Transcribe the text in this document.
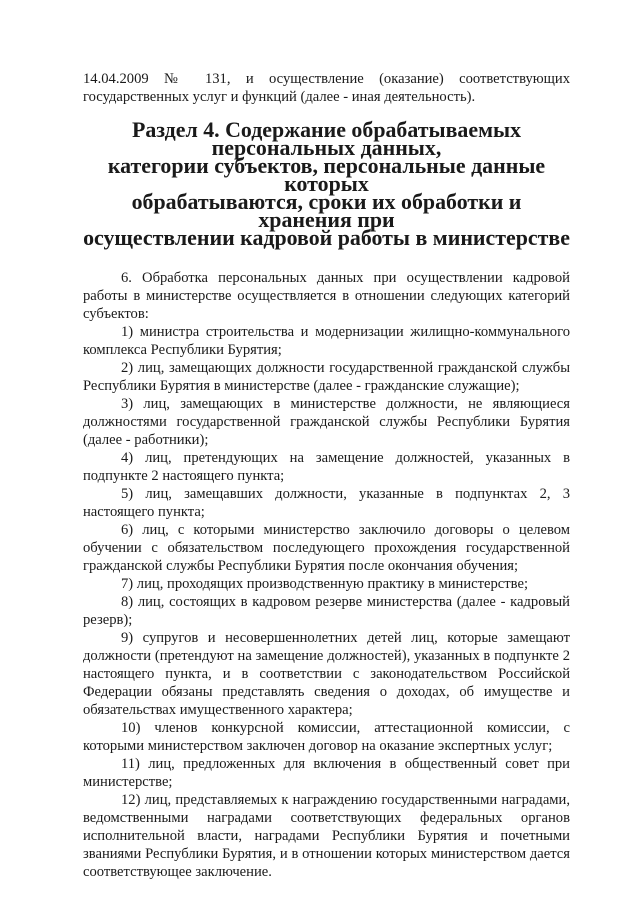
14.04.2009 № 131, и осуществление (оказание) соответствующих государственных услуг и функций (далее - иная деятельность).

Раздел 4. Содержание обрабатываемых персональных данных,
категории субъектов, персональные данные которых
обрабатываются, сроки их обработки и хранения при
осуществлении кадровой работы в министерстве

6. Обработка персональных данных при осуществлении кадровой работы в министерстве осуществляется в отношении следующих категорий субъектов:

1) министра строительства и модернизации жилищно-коммунального комплекса Республики Бурятия;

2) лиц, замещающих должности государственной гражданской службы Республики Бурятия в министерстве (далее - гражданские служащие);

3) лиц, замещающих в министерстве должности, не являющиеся должностями государственной гражданской службы Республики Бурятия (далее - работники);

4) лиц, претендующих на замещение должностей, указанных в подпункте 2 настоящего пункта;

5) лиц, замещавших должности, указанные в подпунктах 2, 3 настоящего пункта;

6) лиц, с которыми министерство заключило договоры о целевом обучении с обязательством последующего прохождения государственной гражданской службы Республики Бурятия после окончания обучения;

7) лиц, проходящих производственную практику в министерстве;

8) лиц, состоящих в кадровом резерве министерства (далее - кадровый резерв);

9) супругов и несовершеннолетних детей лиц, которые замещают должности (претендуют на замещение должностей), указанных в подпункте 2 настоящего пункта, и в соответствии с законодательством Российской Федерации обязаны представлять сведения о доходах, об имуществе и обязательствах имущественного характера;

10) членов конкурсной комиссии, аттестационной комиссии, с которыми министерством заключен договор на оказание экспертных услуг;

11) лиц, предложенных для включения в общественный совет при министерстве;

12) лиц, представляемых к награждению государственными наградами, ведомственными наградами соответствующих федеральных органов исполнительной власти, наградами Республики Бурятия и почетными званиями Республики Бурятия, и в отношении которых министерством дается соответствующее заключение.
